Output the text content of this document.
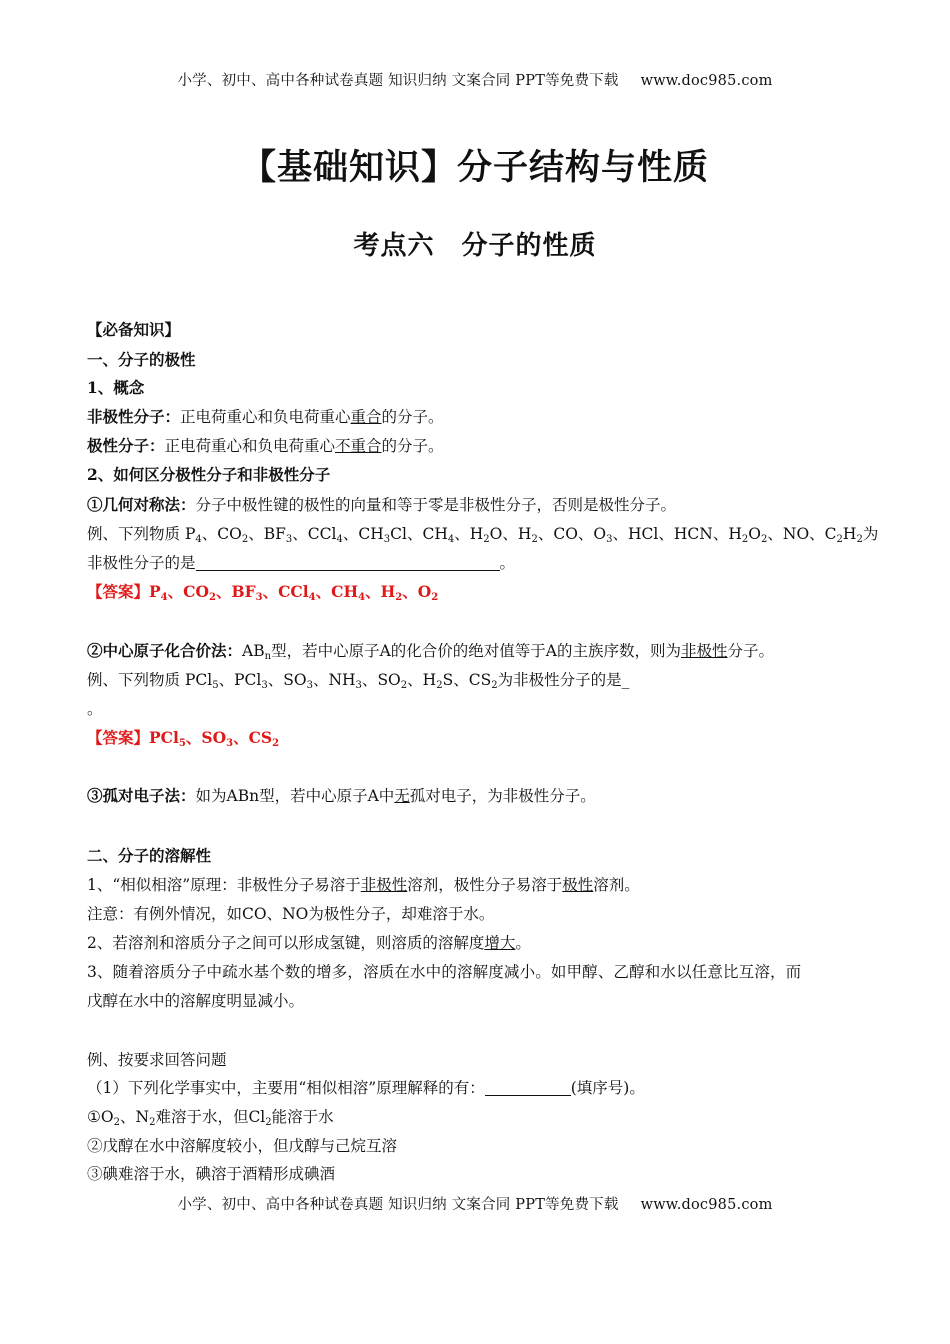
小学、初中、高中各种试卷真题 知识归纳 文案合同 PPT等免费下载 www.doc985.com
【基础知识】分子结构与性质
考点六　分子的性质
【必备知识】
一、分子的极性
1、概念
非极性分子：正电荷重心和负电荷重心重合的分子。
极性分子：正电荷重心和负电荷重心不重合的分子。
2、如何区分极性分子和非极性分子
①几何对称法：分子中极性键的极性的向量和等于零是非极性分子，否则是极性分子。
例、下列物质 $P_4$、$CO_2$、$BF_3$、CCl$_4$、$CH_3Cl$、$CH_4$、$H_2O$、$H_2$、CO、$O_3$、HCl、HCN、$H_2O_2$、NO、$C_2H_2$为
非极性分子的是	。
【答案】$P_4$、$CO_2$、$BF_3$、CCl$_4$、$CH_4$、$H_2$、$O_2$
②中心原子化合价法：$AB_n$型，若中心原子A的化合价的绝对值等于A的主族序数，则为非极性分子。
例、下列物质 PCl$_5$、PCl$_3$、$SO_3$、$NH_3$、$SO_2$、$H_2S$、$CS_2$为非极性分子的是_
。
【答案】PCl$_5$、$SO_3$、$CS_2$
③孤对电子法：如为ABn型，若中心原子A中无孤对电子，为非极性分子。
二、分子的溶解性
1、“相似相溶”原理：非极性分子易溶于非极性溶剂，极性分子易溶于极性溶剂。
注意：有例外情况，如CO、NO为极性分子，却难溶于水。
2、若溶剂和溶质分子之间可以形成氢键，则溶质的溶解度增大。
3、随着溶质分子中疏水基个数的增多，溶质在水中的溶解度减小。如甲醇、乙醇和水以任意比互溶，而
戊醇在水中的溶解度明显减小。
例、按要求回答问题
（1）下列化学事实中，主要用“相似相溶”原理解释的有：	(填序号)。
$①O_2$、$N_2$难溶于水，但$Cl_2$能溶于水
②戊醇在水中溶解度较小，但戊醇与己烷互溶
③碘难溶于水，碘溶于酒精形成碘酒
小学、初中、高中各种试卷真题 知识归纳 文案合同 PPT等免费下载 www.doc985.com
